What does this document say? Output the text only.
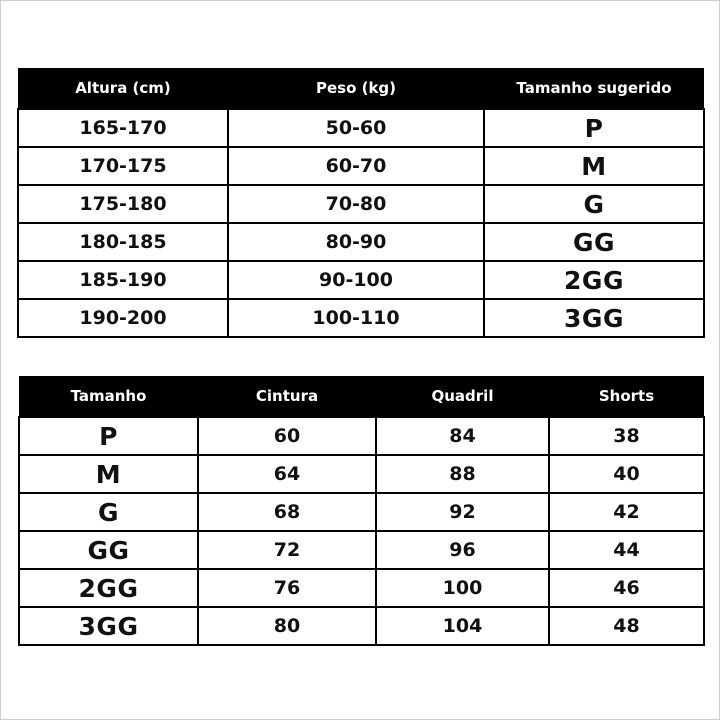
Altura (cm)	Peso (kg)	Tamanho sugerido
165-170	50-60	P
170-175	60-70	M
175-180	70-80	G
180-185	80-90	GG
185-190	90-100	2GG
190-200	100-110	3GG
Tamanho	Cintura	Quadril	Shorts
P	60	84	38
M	64	88	40
G	68	92	42
GG	72	96	44
2GG	76	100	46
3GG	80	104	48
